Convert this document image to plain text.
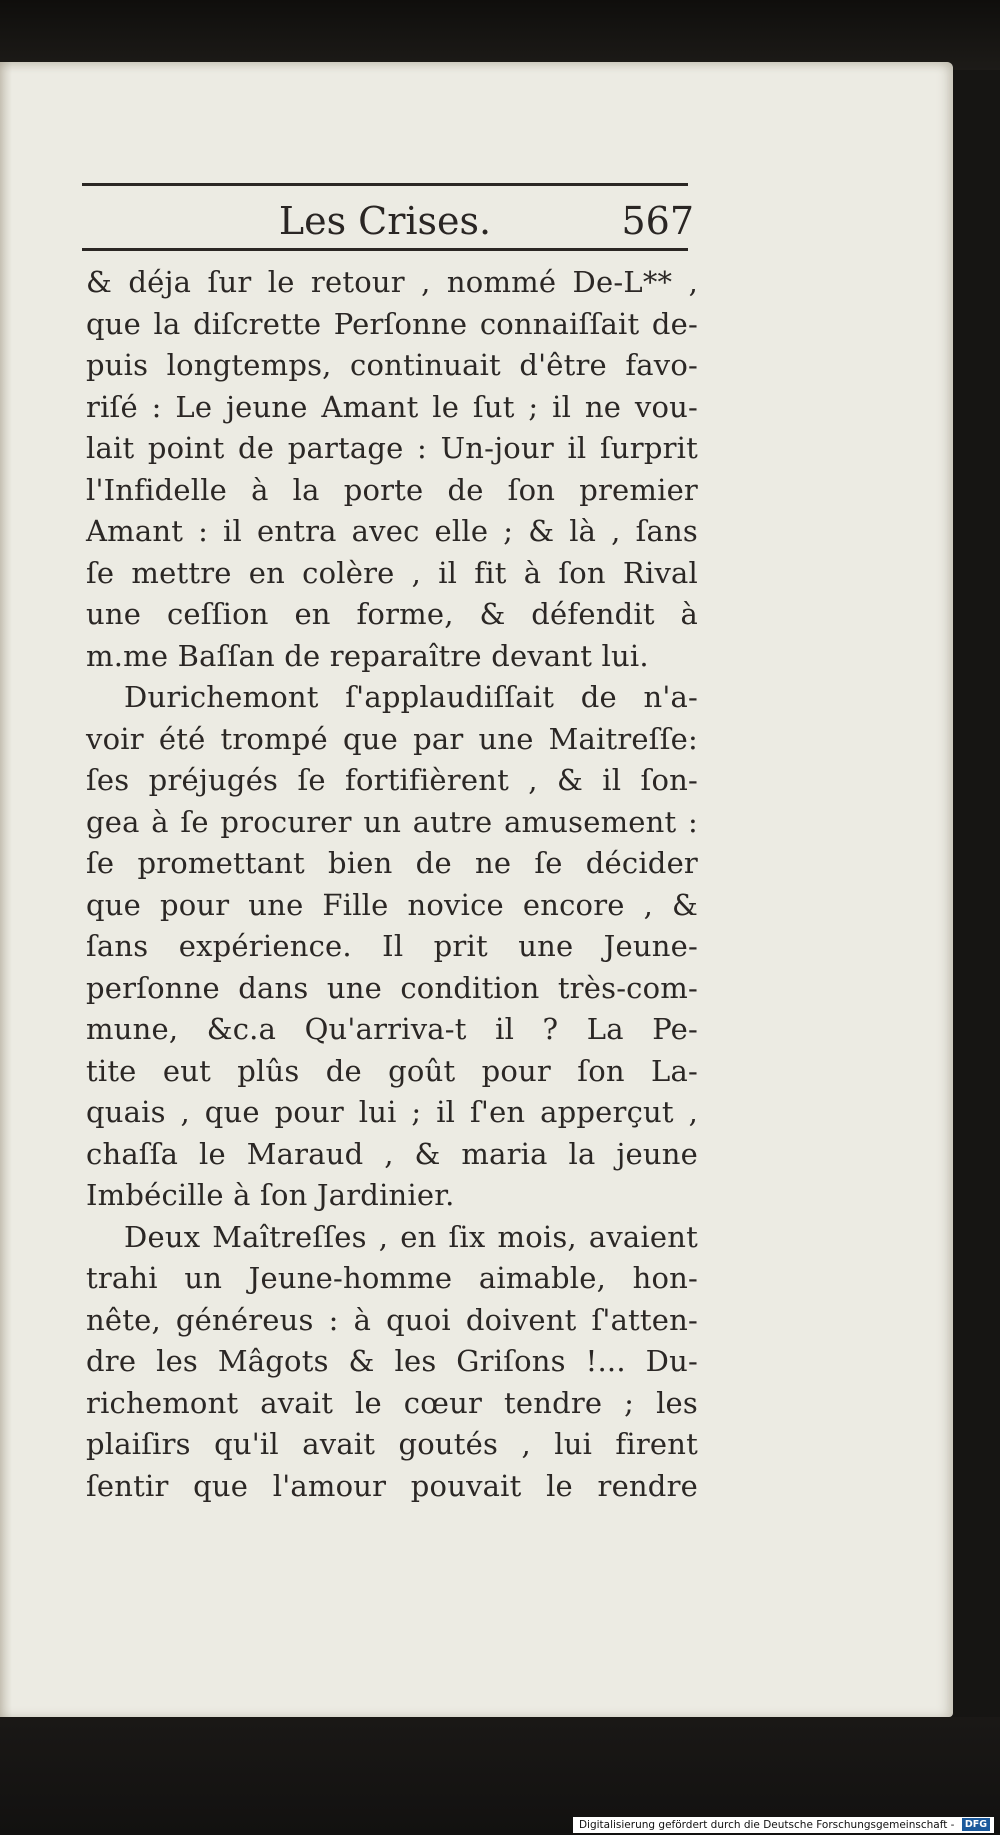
Les Crises.	567
& déja ſur le retour , nommé De-L** ,
que la diſcrette Perſonne connaiſſait de-
puis longtemps, continuait d'être favo-
riſé : Le jeune Amant le ſut ; il ne vou-
lait point de partage : Un-jour il ſurprit
l'Infidelle à la porte de ſon premier
Amant : il entra avec elle ; & là , ſans
ſe mettre en colère , il fit à ſon Rival
une ceſſion en forme, & défendit à
m.me Baſſan de reparaître devant lui.
Durichemont ſ'applaudiſſait de n'a-
voir été trompé que par une Maitreſſe:
ſes préjugés ſe fortifièrent , & il ſon-
gea à ſe procurer un autre amusement :
ſe promettant bien de ne ſe décider
que pour une Fille novice encore , &
ſans expérience. Il prit une Jeune-
perſonne dans une condition très-com-
mune, &c.a Qu'arriva-t il ? La Pe-
tite eut plûs de goût pour ſon La-
quais , que pour lui ; il ſ'en apperçut ,
chaſſa le Maraud , & maria la jeune
Imbécille à ſon Jardinier.
Deux Maîtreſſes , en ſix mois, avaient
trahi un Jeune-homme aimable, hon-
nête, généreus : à quoi doivent ſ'atten-
dre les Mâgots & les Griſons !... Du-
richemont avait le cœur tendre ; les
plaiſirs qu'il avait goutés , lui firent
ſentir que l'amour pouvait le rendre
Digitalisierung gefördert durch die Deutsche Forschungsgemeinschaft - DFG
